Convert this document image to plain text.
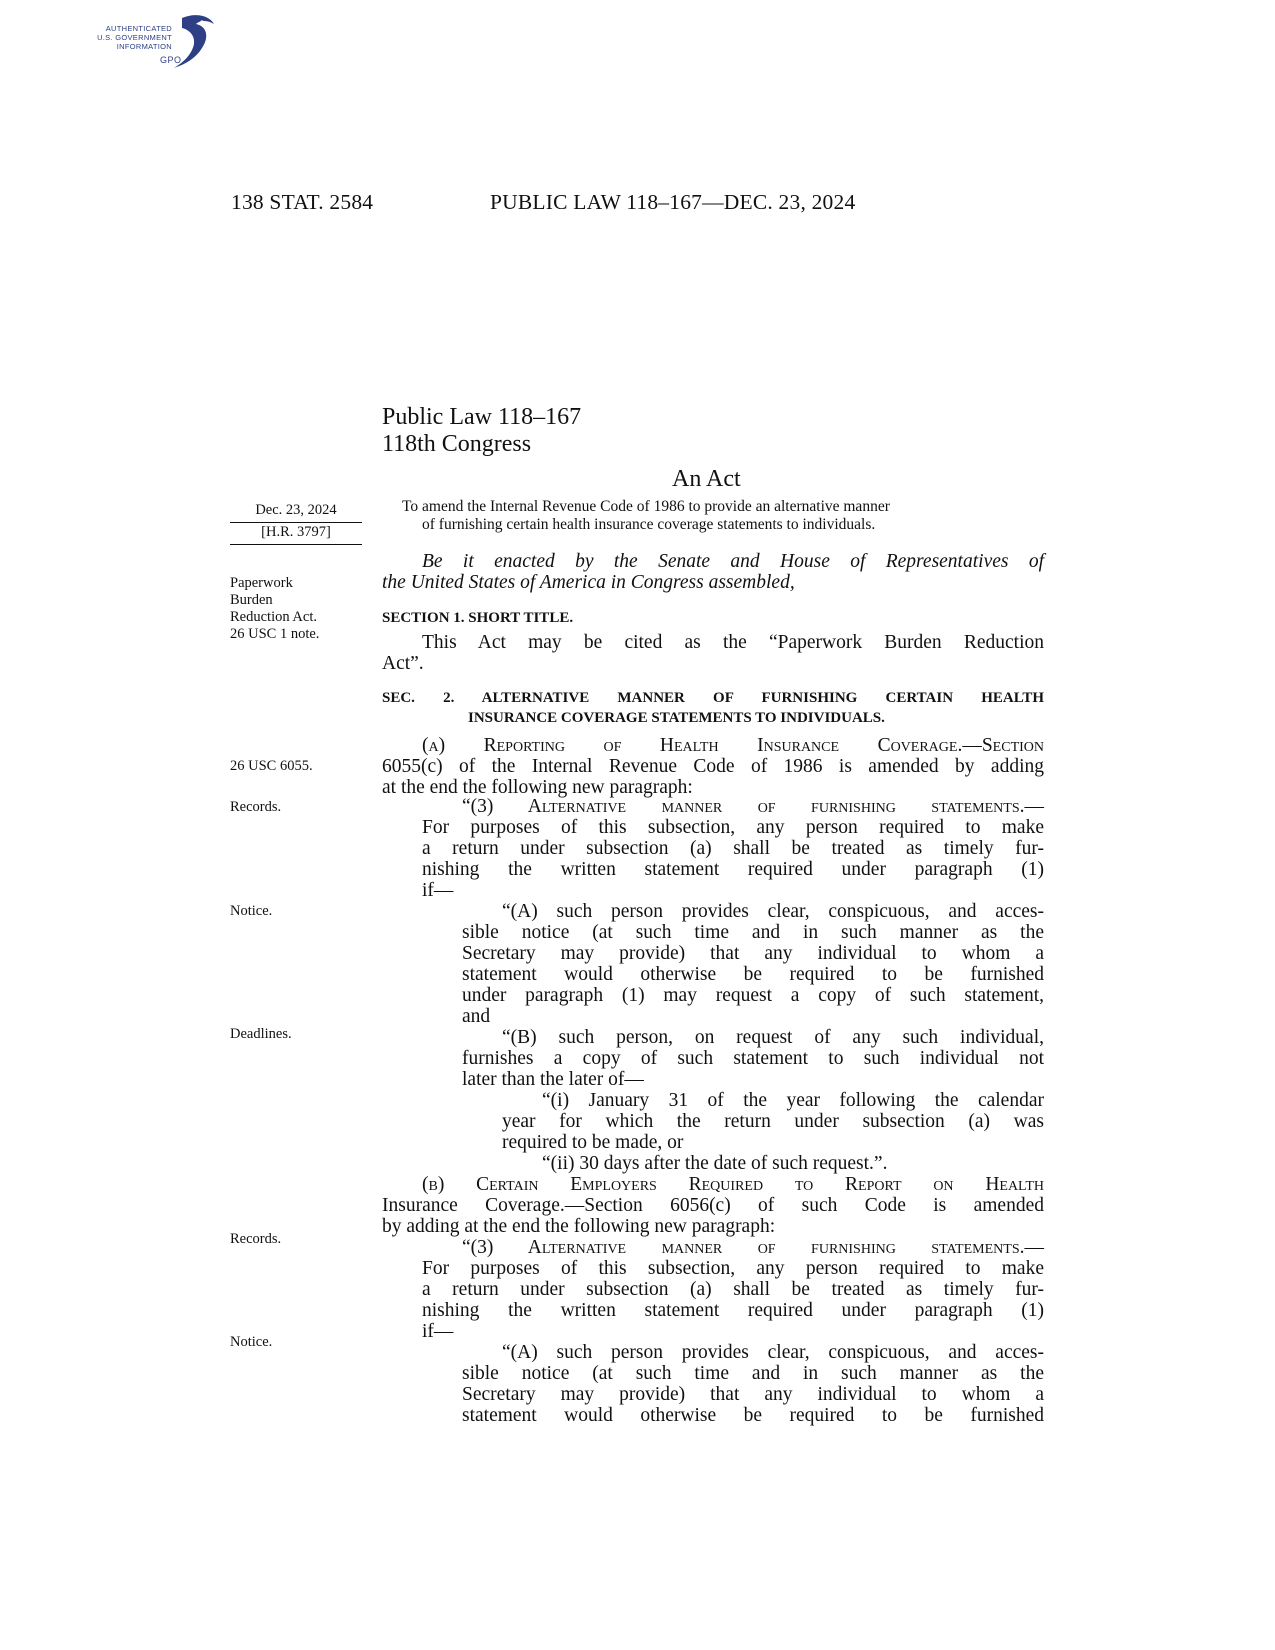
AUTHENTICATED
U.S. GOVERNMENT
INFORMATION
GPO
138 STAT. 2584	PUBLIC LAW 118–167—DEC. 23, 2024
Public Law 118–167
118th Congress
An Act
Dec. 23, 2024
[H.R. 3797]
Paperwork
Burden
Reduction Act.
26 USC 1 note.
26 USC 6055.
Records.
Notice.
Deadlines.
Records.
Notice.
To amend the Internal Revenue Code of 1986 to provide an alternative manner
of furnishing certain health insurance coverage statements to individuals.
Be it enacted by the Senate and House of Representatives of
the United States of America in Congress assembled,
SECTION 1. SHORT TITLE.
This Act may be cited as the “Paperwork Burden Reduction
Act”.
SEC. 2. ALTERNATIVE MANNER OF FURNISHING CERTAIN HEALTH
INSURANCE COVERAGE STATEMENTS TO INDIVIDUALS.
(a) Reporting of Health Insurance Coverage.—Section
6055(c) of the Internal Revenue Code of 1986 is amended by adding
at the end the following new paragraph:
“(3) Alternative manner of furnishing statements.—
For purposes of this subsection, any person required to make
a return under subsection (a) shall be treated as timely fur-
nishing the written statement required under paragraph (1)
if—
“(A) such person provides clear, conspicuous, and acces-
sible notice (at such time and in such manner as the
Secretary may provide) that any individual to whom a
statement would otherwise be required to be furnished
under paragraph (1) may request a copy of such statement,
and
“(B) such person, on request of any such individual,
furnishes a copy of such statement to such individual not
later than the later of—
“(i) January 31 of the year following the calendar
year for which the return under subsection (a) was
required to be made, or
“(ii) 30 days after the date of such request.”.
(b) Certain Employers Required to Report on Health
Insurance Coverage.—Section 6056(c) of such Code is amended
by adding at the end the following new paragraph:
“(3) Alternative manner of furnishing statements.—
For purposes of this subsection, any person required to make
a return under subsection (a) shall be treated as timely fur-
nishing the written statement required under paragraph (1)
if—
“(A) such person provides clear, conspicuous, and acces-
sible notice (at such time and in such manner as the
Secretary may provide) that any individual to whom a
statement would otherwise be required to be furnished
